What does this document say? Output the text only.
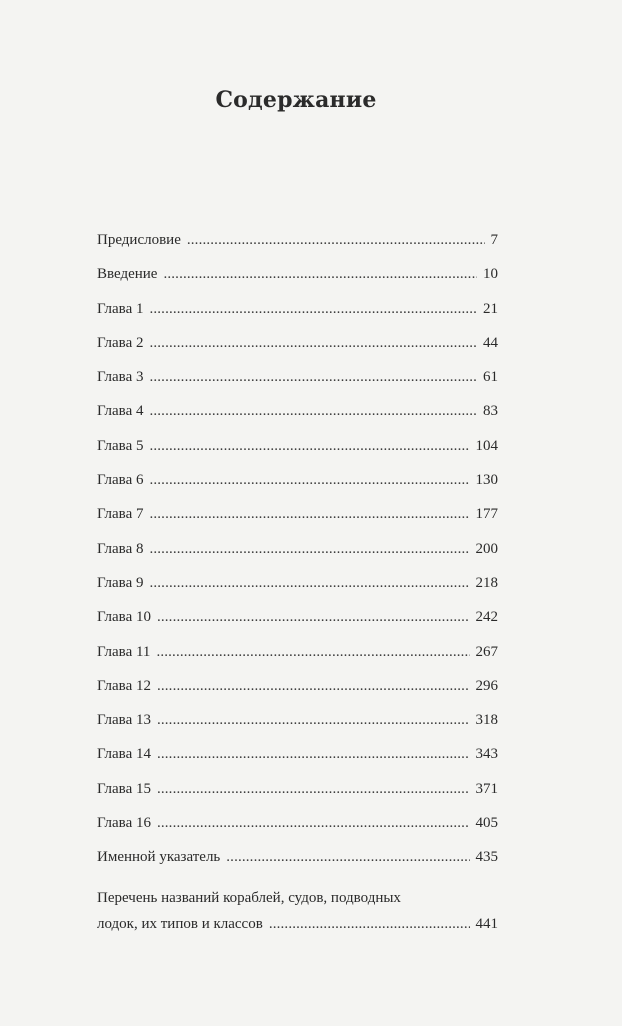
Содержание
Предисловие . . .	7
Введение . . .	10
Глава 1 . . .	21
Глава 2 . . .	44
Глава 3 . . .	61
Глава 4 . . .	83
Глава 5 . . .	104
Глава 6 . . .	130
Глава 7 . . .	177
Глава 8 . . .	200
Глава 9 . . .	218
Глава 10 . . .	242
Глава 11 . . .	267
Глава 12 . . .	296
Глава 13 . . .	318
Глава 14 . . .	343
Глава 15 . . .	371
Глава 16 . . .	405
Именной указатель . . .	435
Перечень названий кораблей, судов, подводных
лодок, их типов и классов . . .	441
